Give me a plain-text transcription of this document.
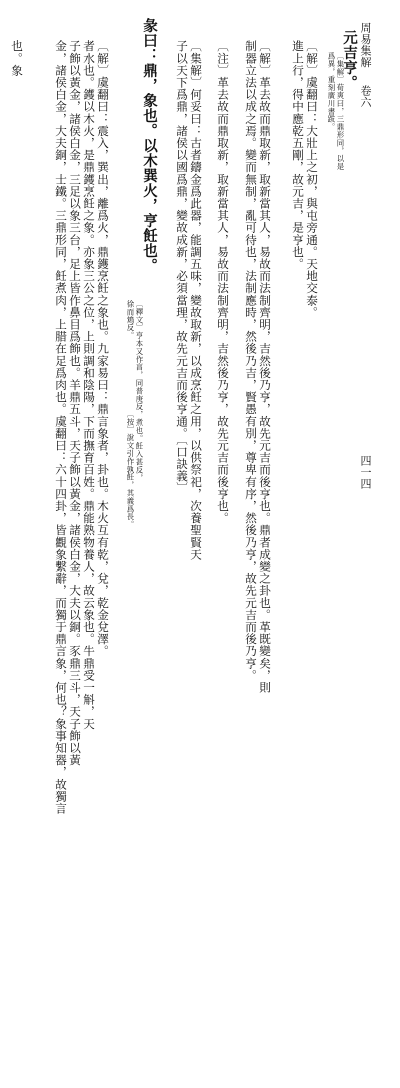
周易集解
卷六
四一四
元吉亨。
〔集解〕荀爽曰，三鼎形同，以是
爲異，重刻廣川書跋。
〔解〕虞翻曰：大壯上之初，與屯旁通。天地交泰。
進上行，得中應乾五剛，故元吉，是亨也。
〔解〕革去故而鼎取新，取新當其人，易故而法制齊明，吉然後乃亨，故先元吉而後亨也。鼎者成變之卦也。革既變矣，則
制器立法以成之焉。變而無制，亂可待也，法制應時，然後乃吉，賢愚有別，尊卑有序，然後乃亨，故先元吉而後乃亨。
〔注〕革去故而鼎取新，取新當其人，易故而法制齊明，吉然後乃亨，故先元吉而後亨也。
〔集解〕何妥曰：古者鑄金爲此器，能調五味，變故取新，以成烹飪之用，以供祭祀，次養聖賢天
子以天下爲鼎，諸侯以國爲鼎，變故成新，必須當理，故先元吉而後亨通。〔口訣義〕
彖曰：鼎，象也。以木巽火，亨飪也。
〔釋文〕亨本又作亯，同普庚反，煮也。飪入甚反，
徐而鴆反。
〔按〕說文引作孰飪，其義爲長。
〔解〕虞翻曰：震入，巽出，離爲火，鼎鑊烹飪之象也。九家易曰：鼎言象者，卦也。木火互有乾，兌，乾金兌澤。
者水也。鑊以木火，是鼎鑊烹飪之象。亦象三公之位，上則調和陰陽，下而撫育百姓。鼎能熟物養人，故云象也。牛鼎受一斛，天
子飾以黃金，諸侯白金，三足以象三台，足上皆作鼻目爲飾也。羊鼎五斗，天子飾以黃金，諸侯白金，大夫以銅。豕鼎三斗，天子飾以黃
金，諸侯白金，大夫銅，士鐵。三鼎形同，飪煮肉，上腊在足爲肉也。虞翻曰：六十四卦，皆觀象繫辭，而獨于鼎言象，何也？象事知器，故獨言
也。象
